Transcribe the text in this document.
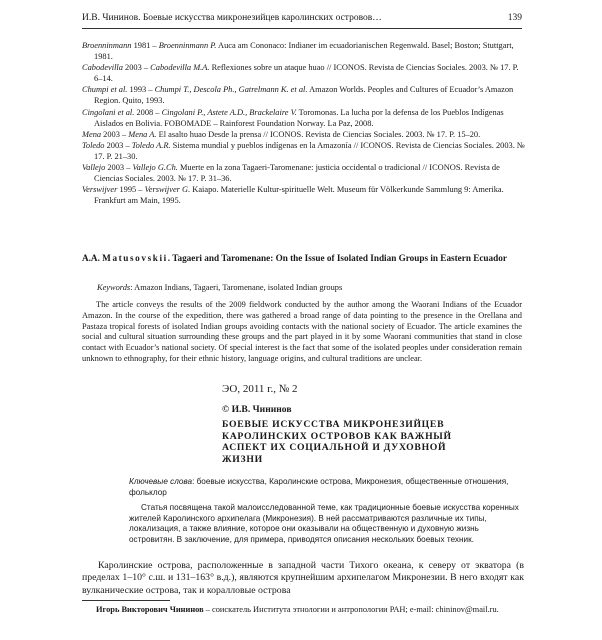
И.В. Чининов. Боевые искусства микронезийцев каролинских островов…	139
Broenninmann 1981 – Broenninmann P. Auca am Cononaco: Indianer im ecuadorianischen Regenwald. Basel; Boston; Stuttgart, 1981.
Cabodevilla 2003 – Cabodevilla M.A. Reflexiones sobre un ataque huao // ICONOS. Revista de Ciencias Sociales. 2003. № 17. P. 6–14.
Chumpi et al. 1993 – Chumpi T., Descola Ph., Gatrelmann K. et al. Amazon Worlds. Peoples and Cultures of Ecuador’s Amazon Region. Quito, 1993.
Cingolani et al. 2008 – Cingolani P., Astete A.D., Brackelaire V. Toromonas. La lucha por la defensa de los Pueblos Indígenas Aislados en Bolivia. FOBOMADE – Rainforest Foundation Norway. La Paz, 2008.
Mena 2003 – Mena A. El asalto huao Desde la prensa // ICONOS. Revista de Ciencias Sociales. 2003. № 17. P. 15–20.
Toledo 2003 – Toledo A.R. Sistema mundial y pueblos indígenas en la Amazonía // ICONOS. Revista de Ciencias Sociales. 2003. № 17. P. 21–30.
Vallejo 2003 – Vallejo G.Ch. Muerte en la zona Tagaeri-Taromenane: justicia occidental o tradicional // ICONOS. Revista de Ciencias Sociales. 2003. № 17. P. 31–36.
Verswijver 1995 – Verswijver G. Kaiapo. Materielle Kultur-spirituelle Welt. Museum für Völkerkunde Sammlung 9: Amerika. Frankfurt am Main, 1995.
A.A. Matusovskii. Tagaeri and Taromenane: On the Issue of Isolated Indian Groups in Eastern Ecuador
Keywords: Amazon Indians, Tagaeri, Taromenane, isolated Indian groups
The article conveys the results of the 2009 fieldwork conducted by the author among the Waorani Indians of the Ecuador Amazon. In the course of the expedition, there was gathered a broad range of data pointing to the presence in the Orellana and Pastaza tropical forests of isolated Indian groups avoiding contacts with the national society of Ecuador. The article examines the social and cultural situation surrounding these groups and the part played in it by some Waorani communities that stand in close contact with Ecuador’s national society. Of special interest is the fact that some of the isolated peoples under consideration remain unknown to ethnography, for their ethnic history, language origins, and cultural traditions are unclear.
ЭО, 2011 г., № 2
© И.В. Чининов
БОЕВЫЕ ИСКУССТВА МИКРОНЕЗИЙЦЕВ КАРОЛИНСКИХ ОСТРОВОВ КАК ВАЖНЫЙ АСПЕКТ ИХ СОЦИАЛЬНОЙ И ДУХОВНОЙ ЖИЗНИ
Ключевые слова: боевые искусства, Каролинские острова, Микронезия, общественные отношения, фольклор
Статья посвящена такой малоисследованной теме, как традиционные боевые искусства коренных жителей Каролинского архипелага (Микронезия). В ней рассматриваются различные их типы, локализация, а также влияние, которое они оказывали на общественную и духовную жизнь островитян. В заключение, для примера, приводятся описания нескольких боевых техник.
Каролинские острова, расположенные в западной части Тихого океана, к северу от экватора (в пределах 1–10° с.ш. и 131–163° в.д.), являются крупнейшим архипелагом Микронезии. В него входят как вулканические острова, так и коралловые острова
Игорь Викторович Чининов – соискатель Института этнологии и антропологии РАН; e-mail: chininov@mail.ru.
